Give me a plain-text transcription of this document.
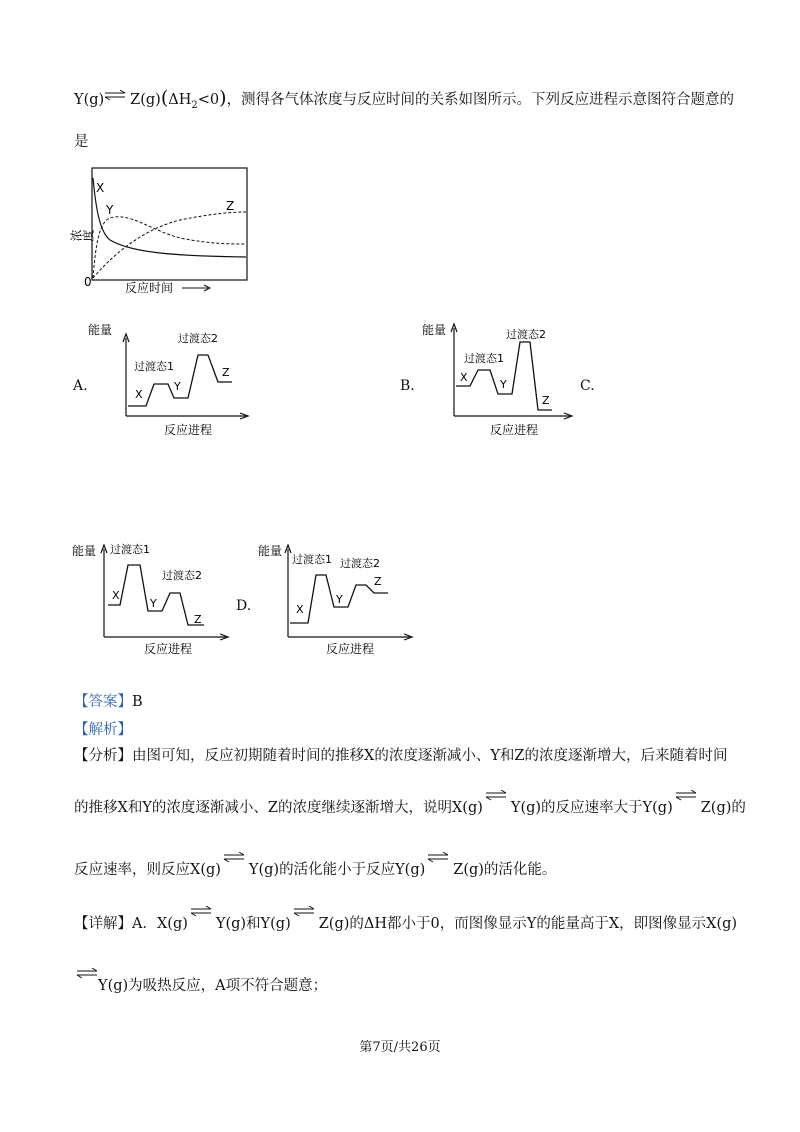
Y(g) $Z(g)(\Delta H_2<0)$，测得各气体浓度与反应时间的关系如图所示。下列反应进程示意图符合题意的
是
0
浓度
反应时间
X
Y	Z
A.
能量
反应进程
过渡态1
过渡态2
X
Y
Z
B.
能量
反应进程
过渡态1
过渡态2
X
Y
Z
C.
能量
反应进程
过渡态1
过渡态2
X
Y
Z
D.
能量
反应进程
过渡态1 过渡态2
X
Y
Z
【答案】B
【解析】
【分析】由图可知，反应初期随着时间的推移X的浓度逐渐减小、Y和Z的浓度逐渐增大，后来随着时间
的推移X和Y的浓度逐渐减小、Z的浓度继续逐渐增大，说明X(g) Y(g)的反应速率大于Y(g) Z(g)的
反应速率，则反应X(g) Y(g)的活化能小于反应Y(g) Z(g)的活化能。
【详解】A．X(g) Y(g)和Y(g) Z(g)的ΔH都小于0，而图像显示Y的能量高于X，即图像显示X(g)
Y(g)为吸热反应，A项不符合题意；
第7页/共26页
